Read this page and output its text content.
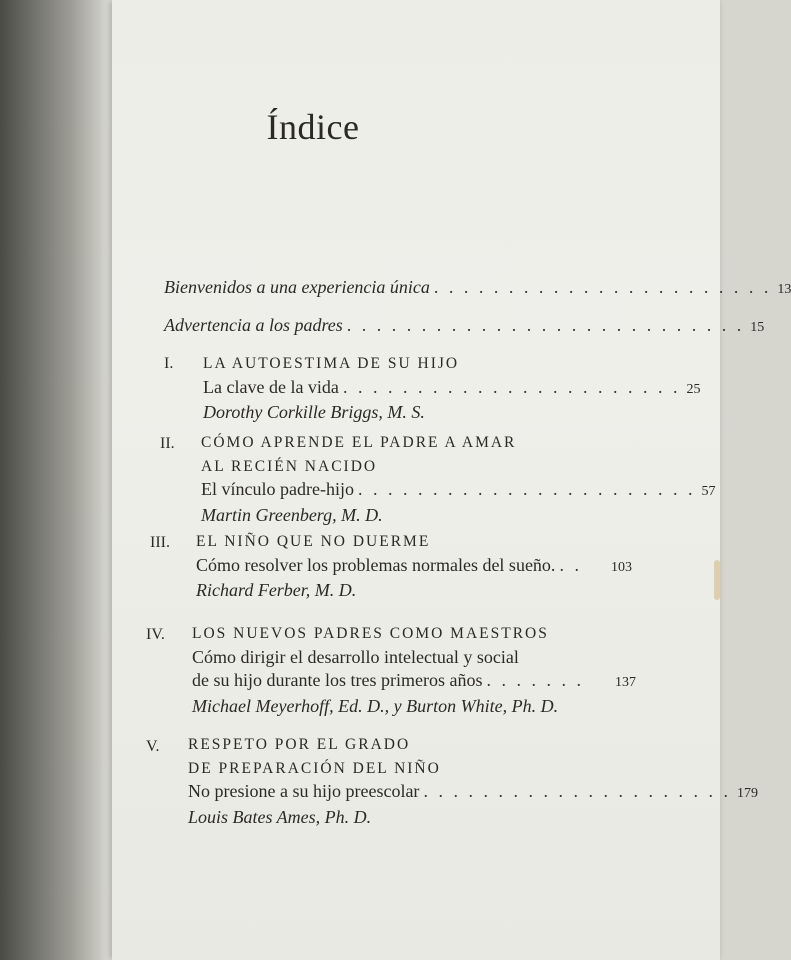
Índice
Bienvenidos a una experiencia única . . . . . . . . . . . . . . . . . . . . . . . 13
Advertencia a los padres . . . . . . . . . . . . . . . . . . . . . . . . . . . 15
I. LA AUTOESTIMA DE SU HIJO
La clave de la vida . . . . . . . . . . . . . . . . . . . . . . . 25
Dorothy Corkille Briggs, M. S.
II. CÓMO APRENDE EL PADRE A AMAR
AL RECIÉN NACIDO
El vínculo padre-hijo . . . . . . . . . . . . . . . . . . . . . . . 57
Martin Greenberg, M. D.
III. EL NIÑO QUE NO DUERME
Cómo resolver los problemas normales del sueño. . .	103
Richard Ferber, M. D.
IV. LOS NUEVOS PADRES COMO MAESTROS
Cómo dirigir el desarrollo intelectual y social
de su hijo durante los tres primeros años . . . . . . .	137
Michael Meyerhoff, Ed. D., y Burton White, Ph. D.
V. RESPETO POR EL GRADO
DE PREPARACIÓN DEL NIÑO
No presione a su hijo preescolar . . . . . . . . . . . . . . . . . . . . . 179
Louis Bates Ames, Ph. D.
